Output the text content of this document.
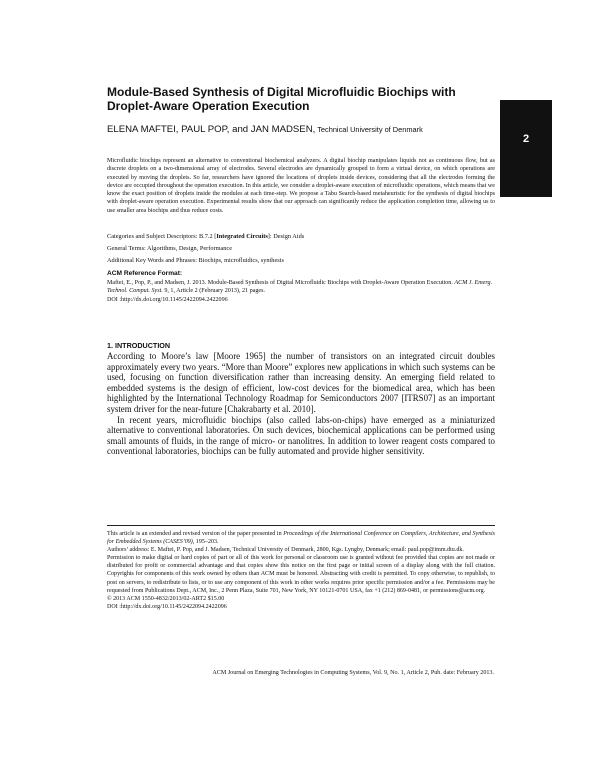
Module-Based Synthesis of Digital Microfluidic Biochips with Droplet-Aware Operation Execution
ELENA MAFTEI, PAUL POP, and JAN MADSEN, Technical University of Denmark
2
Microfluidic biochips represent an alternative to conventional biochemical analyzers. A digital biochip manipulates liquids not as continuous flow, but as discrete droplets on a two-dimensional array of electrodes. Several electrodes are dynamically grouped to form a virtual device, on which operations are executed by moving the droplets. So far, researchers have ignored the locations of droplets inside devices, considering that all the electrodes forming the device are occupied throughout the operation execution. In this article, we consider a droplet-aware execution of microfluidic operations, which means that we know the exact position of droplets inside the modules at each time-step. We propose a Tabu Search-based metaheuristic for the synthesis of digital biochips with droplet-aware operation execution. Experimental results show that our approach can significantly reduce the application completion time, allowing us to use smaller area biochips and thus reduce costs.
Categories and Subject Descriptors: B.7.2 [Integrated Circuits]: Design Aids
General Terms: Algorithms, Design, Performance
Additional Key Words and Phrases: Biochips, microfluidics, synthesis
ACM Reference Format:
Maftei, E., Pop, P., and Madsen, J. 2013. Module-Based Synthesis of Digital Microfluidic Biochips with Droplet-Aware Operation Execution. ACM J. Emerg. Technol. Comput. Syst. 9, 1, Article 2 (February 2013), 21 pages.
DOI :http://dx.doi.org/10.1145/2422094.2422096
1. INTRODUCTION

According to Moore’s law [Moore 1965] the number of transistors on an integrated circuit doubles approximately every two years. “More than Moore” explores new applications in which such systems can be used, focusing on function diversification rather than increasing density. An emerging field related to embedded systems is the design of efficient, low-cost devices for the biomedical area, which has been highlighted by the International Technology Roadmap for Semiconductors 2007 [ITRS07] as an important system driver for the near-future [Chakrabarty et al. 2010].

In recent years, microfluidic biochips (also called labs-on-chips) have emerged as a miniaturized alternative to conventional laboratories. On such devices, biochemical applications can be performed using small amounts of fluids, in the range of micro- or nanolitres. In addition to lower reagent costs compared to conventional laboratories, biochips can be fully automated and provide higher sensitivity.

This article is an extended and revised version of the paper presented in Proceedings of the International Conference on Compilers, Architecture, and Synthesis for Embedded Systems (CASES’09), 195–203.

Authors’ address: E. Maftei, P. Pop, and J. Madsen, Technical University of Denmark, 2800, Kgs. Lyngby, Denmark; email: paul.pop@imm.dtu.dk.

Permission to make digital or hard copies of part or all of this work for personal or classroom use is granted without fee provided that copies are not made or distributed for profit or commercial advantage and that copies show this notice on the first page or initial screen of a display along with the full citation. Copyrights for components of this work owned by others than ACM must be honored. Abstracting with credit is permitted. To copy otherwise, to republish, to post on servers, to redistribute to lists, or to use any component of this work in other works requires prior specific permission and/or a fee. Permissions may be requested from Publications Dept., ACM, Inc., 2 Penn Plaza, Suite 701, New York, NY 10121-0701 USA, fax +1 (212) 869-0481, or permissions@acm.org.

© 2013 ACM 1550-4832/2013/02-ART2 $15.00

DOI :http://dx.doi.org/10.1145/2422094.2422096

ACM Journal on Emerging Technologies in Computing Systems, Vol. 9, No. 1, Article 2, Pub. date: February 2013.
